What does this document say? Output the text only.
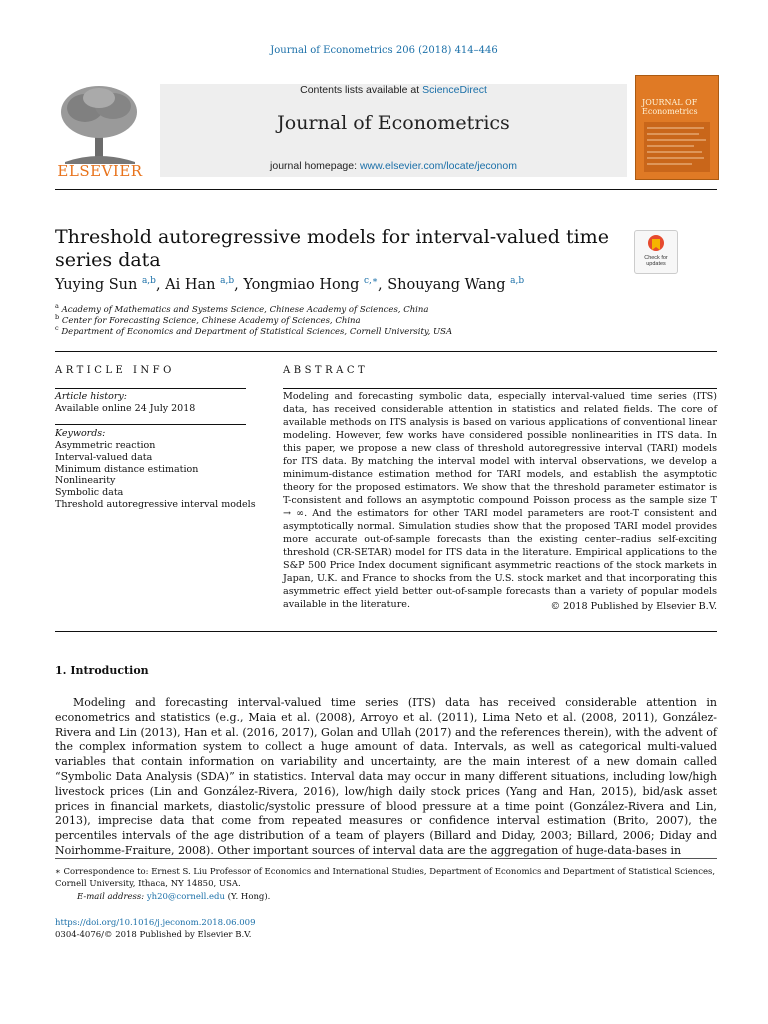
Journal of Econometrics 206 (2018) 414–446
ELSEVIER
Contents lists available at ScienceDirect
Journal of Econometrics
journal homepage: www.elsevier.com/locate/jeconom
JOURNAL OF
Econometrics
Threshold autoregressive models for interval-valued time series data	Check for
updates
Yuying Sun $^{a,b}$, Ai Han $^{a,b}$, Yongmiao Hong $^{c,∗}$, Shouyang Wang $^{a,b}$
$^a$ Academy of Mathematics and Systems Science, Chinese Academy of Sciences, China
$^b$ Center for Forecasting Science, Chinese Academy of Sciences, China
$^c$ Department of Economics and Department of Statistical Sciences, Cornell University, USA
ARTICLE INFO
Article history:
Available online 24 July 2018
Keywords:
Asymmetric reaction
Interval-valued data
Minimum distance estimation
Nonlinearity
Symbolic data
Threshold autoregressive interval models
ABSTRACT
Modeling and forecasting symbolic data, especially interval-valued time series (ITS) data, has received considerable attention in statistics and related fields. The core of available methods on ITS analysis is based on various applications of conventional linear modeling. However, few works have considered possible nonlinearities in ITS data. In this paper, we propose a new class of threshold autoregressive interval (TARI) models for ITS data. By matching the interval model with interval observations, we develop a minimum-distance estimation method for TARI models, and establish the asymptotic theory for the proposed estimators. We show that the threshold parameter estimator is T-consistent and follows an asymptotic compound Poisson process as the sample size T → ∞. And the estimators for other TARI model parameters are root-T consistent and asymptotically normal. Simulation studies show that the proposed TARI model provides more accurate out-of-sample forecasts than the existing center–radius self-exciting threshold (CR-SETAR) model for ITS data in the literature. Empirical applications to the S&P 500 Price Index document significant asymmetric reactions of the stock markets in Japan, U.K. and France to shocks from the U.S. stock market and that incorporating this asymmetric effect yield better out-of-sample forecasts than a variety of popular models available in the literature.	© 2018 Published by Elsevier B.V.
1. Introduction
Modeling and forecasting interval-valued time series (ITS) data has received considerable attention in econometrics and statistics (e.g., Maia et al. (2008), Arroyo et al. (2011), Lima Neto et al. (2008, 2011), González-Rivera and Lin (2013), Han et al. (2016, 2017), Golan and Ullah (2017) and the references therein), with the advent of the complex information system to collect a huge amount of data. Intervals, as well as categorical multi-valued variables that contain information on variability and uncertainty, are the main interest of a new domain called “Symbolic Data Analysis (SDA)” in statistics. Interval data may occur in many different situations, including low/high livestock prices (Lin and González-Rivera, 2016), low/high daily stock prices (Yang and Han, 2015), bid/ask asset prices in financial markets, diastolic/systolic pressure of blood pressure at a time point (González-Rivera and Lin, 2013), imprecise data that come from repeated measures or confidence interval estimation (Brito, 2007), the percentiles intervals of the age distribution of a team of players (Billard and Diday, 2003; Billard, 2006; Diday and Noirhomme-Fraiture, 2008). Other important sources of interval data are the aggregation of huge-data-bases in
∗ Correspondence to: Ernest S. Liu Professor of Economics and International Studies, Department of Economics and Department of Statistical Sciences, Cornell University, Ithaca, NY 14850, USA.
E-mail address: yh20@cornell.edu (Y. Hong).
https://doi.org/10.1016/j.jeconom.2018.06.009
0304-4076/© 2018 Published by Elsevier B.V.
